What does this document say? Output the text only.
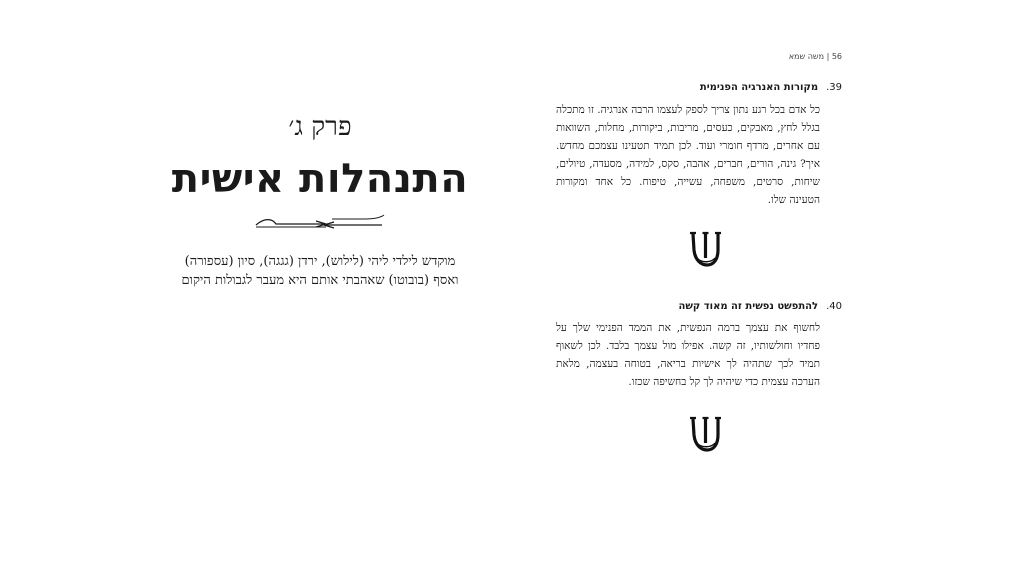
פרק ג׳
התנהלות אישית
מוקדש לילדי ליהי (לילוש), ירדן (גגגה), סיון (עספורה)
ואסף (בובוטו) שאהבתי אותם היא מעבר לגבולות היקום
56 | משה שמא
39.מקורות האנרגיה הפנימית
כל אדם בכל רגע נתון צריך לספק לעצמו הרבה אנרגיה. זו מתכלה בגלל לחץ, מאבקים, כעסים, מריבות, ביקורות, מחלות, השוואות עם אחרים, מרדף חומרי ועוד. לכן תמיד תטעינו עצמכם מחדש. איך? גינה, הורים, חברים, אהבה, סקס, למידה, מסעדה, טיולים, שיחות, סרטים, משפחה, עשייה, טיפוח. כל אחד ומקורות הטעינה שלו.
40.להתפשט נפשית זה מאוד קשה
לחשוף את עצמך ברמה הנפשית, את הממד הפנימי שלך על פחדיו וחולשותיו, זה קשה. אפילו מול עצמך בלבד. לכן לשאוף תמיד לכך שתהיה לך אישיות בריאה, בטוחה בעצמה, מלאת הערכה עצמית כדי שיהיה לך קל בחשיפה שכזו.
